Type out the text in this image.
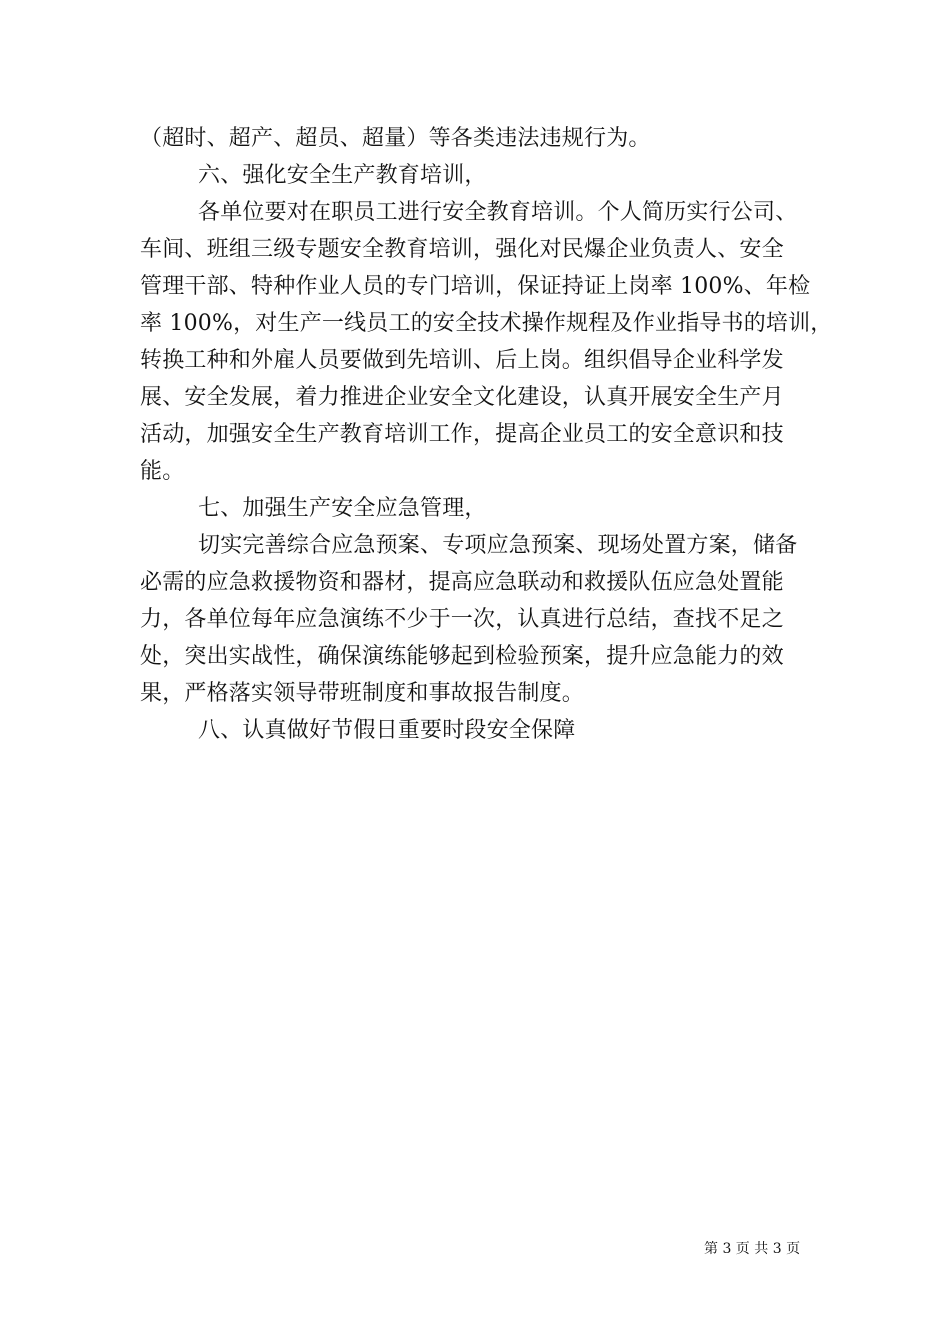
（超时、超产、超员、超量）等各类违法违规行为。
六、强化安全生产教育培训，
各单位要对在职员工进行安全教育培训。个人简历实行公司、
车间、班组三级专题安全教育培训，强化对民爆企业负责人、安全
管理干部、特种作业人员的专门培训，保证持证上岗率 100%、年检
率 100%，对生产一线员工的安全技术操作规程及作业指导书的培训，
转换工种和外雇人员要做到先培训、后上岗。组织倡导企业科学发
展、安全发展，着力推进企业安全文化建设，认真开展安全生产月
活动，加强安全生产教育培训工作，提高企业员工的安全意识和技
能。
七、加强生产安全应急管理，
切实完善综合应急预案、专项应急预案、现场处置方案，储备
必需的应急救援物资和器材，提高应急联动和救援队伍应急处置能
力，各单位每年应急演练不少于一次，认真进行总结，查找不足之
处，突出实战性，确保演练能够起到检验预案，提升应急能力的效
果，严格落实领导带班制度和事故报告制度。
八、认真做好节假日重要时段安全保障
第 3 页 共 3 页
